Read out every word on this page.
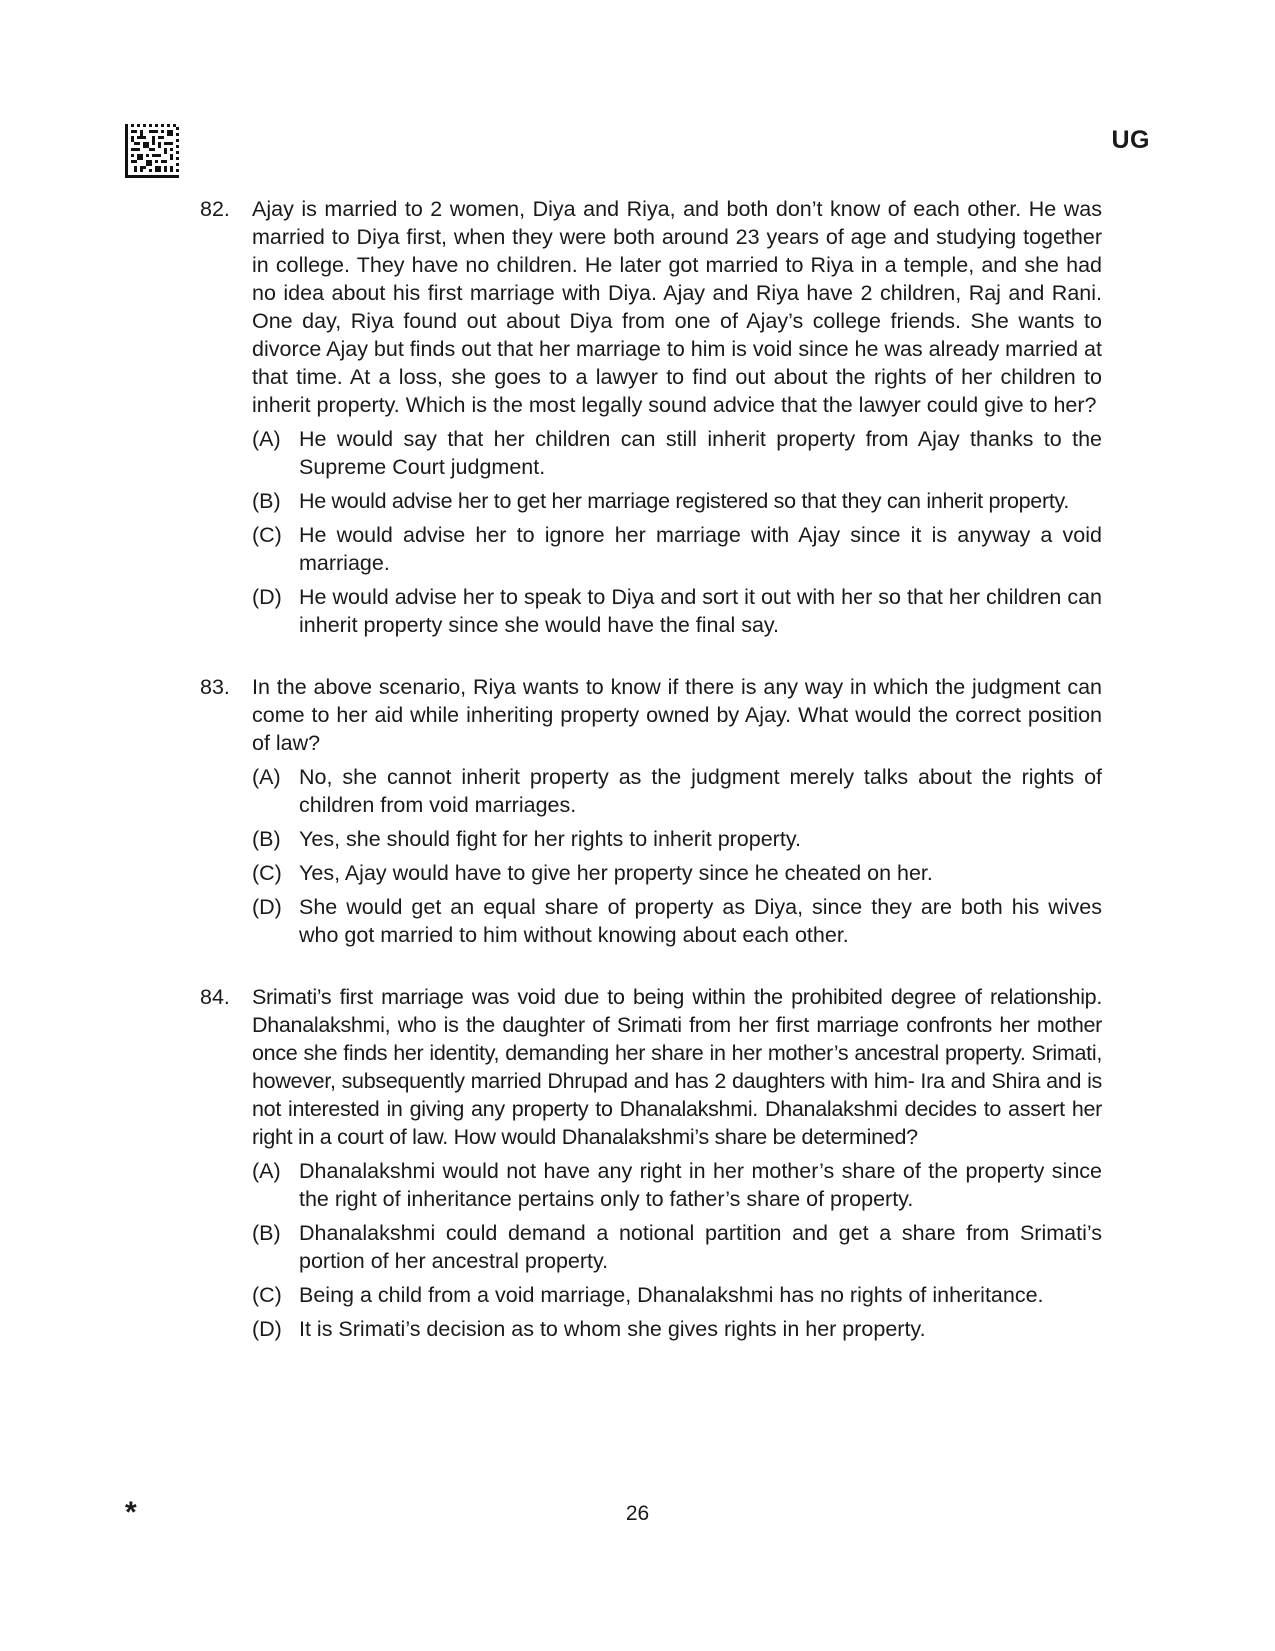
UG
82.	Ajay is married to 2 women, Diya and Riya, and both don’t know of each other. He was married to Diya first, when they were both around 23 years of age and studying together in college. They have no children. He later got married to Riya in a temple, and she had no idea about his first marriage with Diya. Ajay and Riya have 2 children, Raj and Rani. One day, Riya found out about Diya from one of Ajay’s college friends. She wants to divorce Ajay but finds out that her marriage to him is void since he was already married at that time. At a loss, she goes to a lawyer to find out about the rights of her children to inherit property. Which is the most legally sound advice that the lawyer could give to her?
(A) He would say that her children can still inherit property from Ajay thanks to the Supreme Court judgment.
(B) He would advise her to get her marriage registered so that they can inherit property.
(C) He would advise her to ignore her marriage with Ajay since it is anyway a void marriage.
(D) He would advise her to speak to Diya and sort it out with her so that her children can inherit property since she would have the final say.
83.	In the above scenario, Riya wants to know if there is any way in which the judgment can come to her aid while inheriting property owned by Ajay. What would the correct position of law?
(A) No, she cannot inherit property as the judgment merely talks about the rights of children from void marriages.
(B) Yes, she should fight for her rights to inherit property.
(C) Yes, Ajay would have to give her property since he cheated on her.
(D) She would get an equal share of property as Diya, since they are both his wives who got married to him without knowing about each other.
84.	Srimati’s first marriage was void due to being within the prohibited degree of relationship. Dhanalakshmi, who is the daughter of Srimati from her first marriage confronts her mother once she finds her identity, demanding her share in her mother’s ancestral property. Srimati, however, subsequently married Dhrupad and has 2 daughters with him- Ira and Shira and is not interested in giving any property to Dhanalakshmi. Dhanalakshmi decides to assert her right in a court of law. How would Dhanalakshmi’s share be determined?
(A) Dhanalakshmi would not have any right in her mother’s share of the property since the right of inheritance pertains only to father’s share of property.
(B) Dhanalakshmi could demand a notional partition and get a share from Srimati’s portion of her ancestral property.
(C) Being a child from a void marriage, Dhanalakshmi has no rights of inheritance.
(D) It is Srimati’s decision as to whom she gives rights in her property.
*	26
